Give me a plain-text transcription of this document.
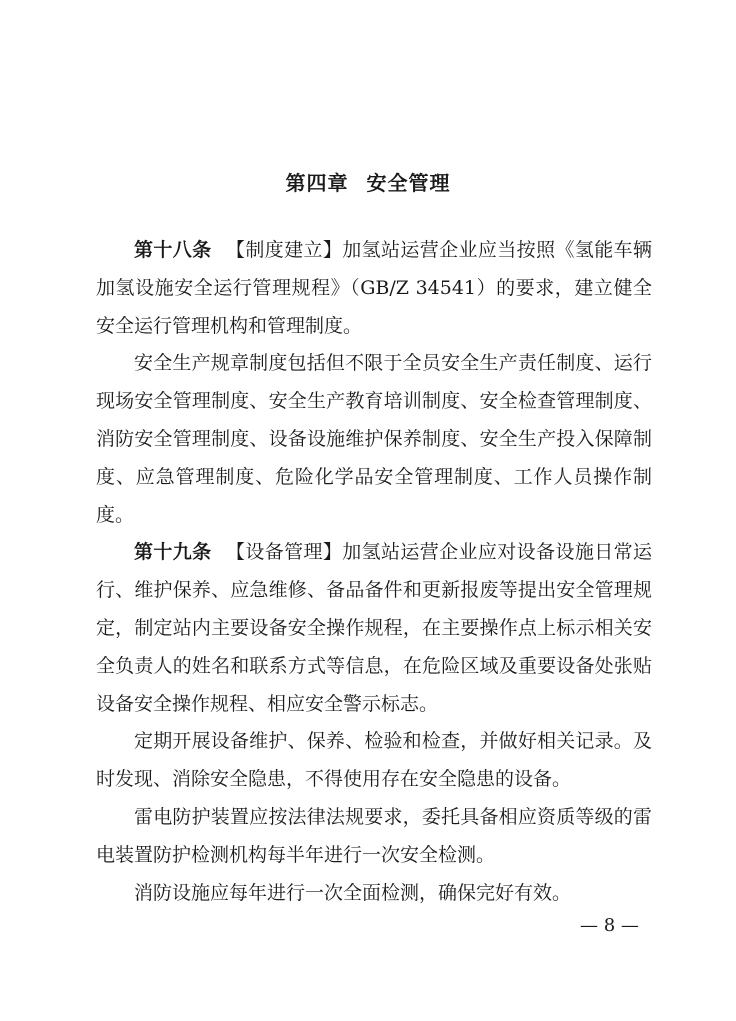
第四章 安全管理

第十八条 【制度建立】加氢站运营企业应当按照《氢能车辆加氢设施安全运行管理规程》（GB/Z 34541）的要求，建立健全安全运行管理机构和管理制度。

安全生产规章制度包括但不限于全员安全生产责任制度、运行现场安全管理制度、安全生产教育培训制度、安全检查管理制度、消防安全管理制度、设备设施维护保养制度、安全生产投入保障制度、应急管理制度、危险化学品安全管理制度、工作人员操作制度。

第十九条 【设备管理】加氢站运营企业应对设备设施日常运行、维护保养、应急维修、备品备件和更新报废等提出安全管理规定，制定站内主要设备安全操作规程，在主要操作点上标示相关安全负责人的姓名和联系方式等信息，在危险区域及重要设备处张贴设备安全操作规程、相应安全警示标志。

定期开展设备维护、保养、检验和检查，并做好相关记录。及时发现、消除安全隐患，不得使用存在安全隐患的设备。

雷电防护装置应按法律法规要求，委托具备相应资质等级的雷电装置防护检测机构每半年进行一次安全检测。

消防设施应每年进行一次全面检测，确保完好有效。

— 8 —
